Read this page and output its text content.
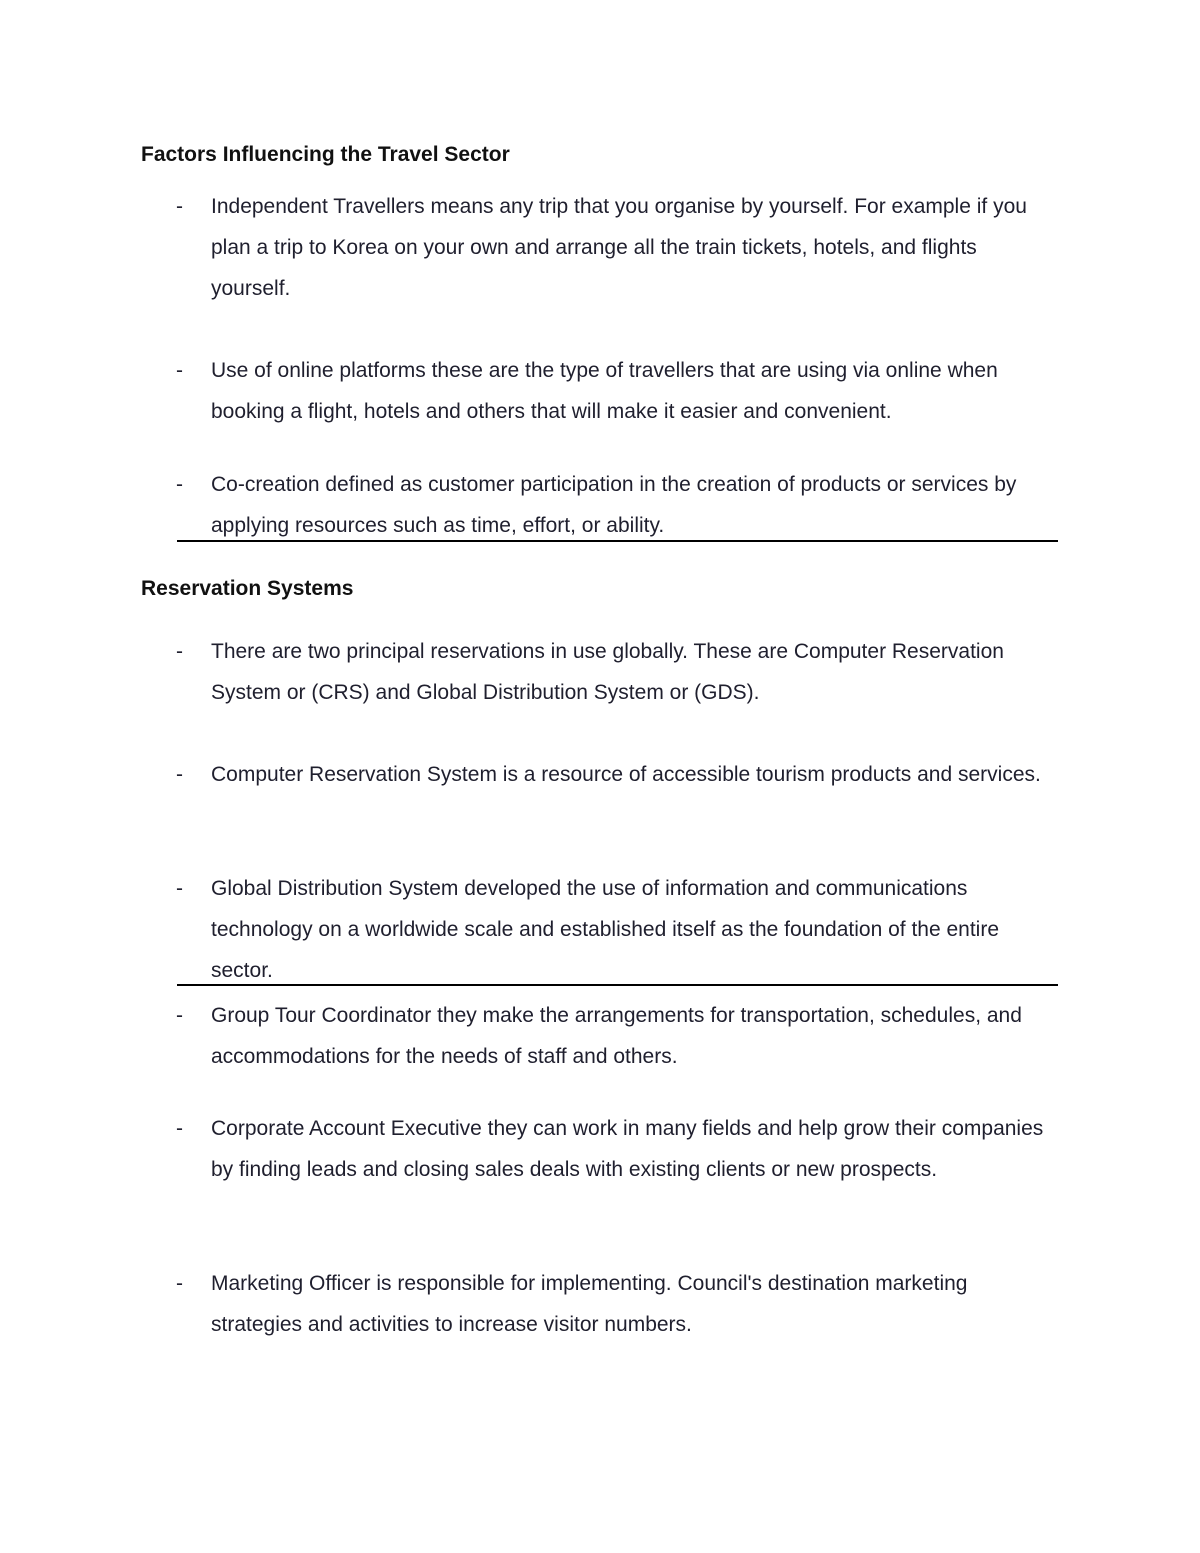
Factors Influencing the Travel Sector
- Independent Travellers means any trip that you organise by yourself. For example if you plan a trip to Korea on your own and arrange all the train tickets, hotels, and flights yourself.
- Use of online platforms these are the type of travellers that are using via online when booking a flight, hotels and others that will make it easier and convenient.
- Co-creation defined as customer participation in the creation of products or services by applying resources such as time, effort, or ability.
Reservation Systems
- There are two principal reservations in use globally. These are Computer Reservation System or (CRS) and Global Distribution System or (GDS).
- Computer Reservation System is a resource of accessible tourism products and services.
- Global Distribution System developed the use of information and communications technology on a worldwide scale and established itself as the foundation of the entire sector.
- Group Tour Coordinator they make the arrangements for transportation, schedules, and accommodations for the needs of staff and others.
- Corporate Account Executive they can work in many fields and help grow their companies by finding leads and closing sales deals with existing clients or new prospects.
- Marketing Officer is responsible for implementing. Council's destination marketing strategies and activities to increase visitor numbers.
